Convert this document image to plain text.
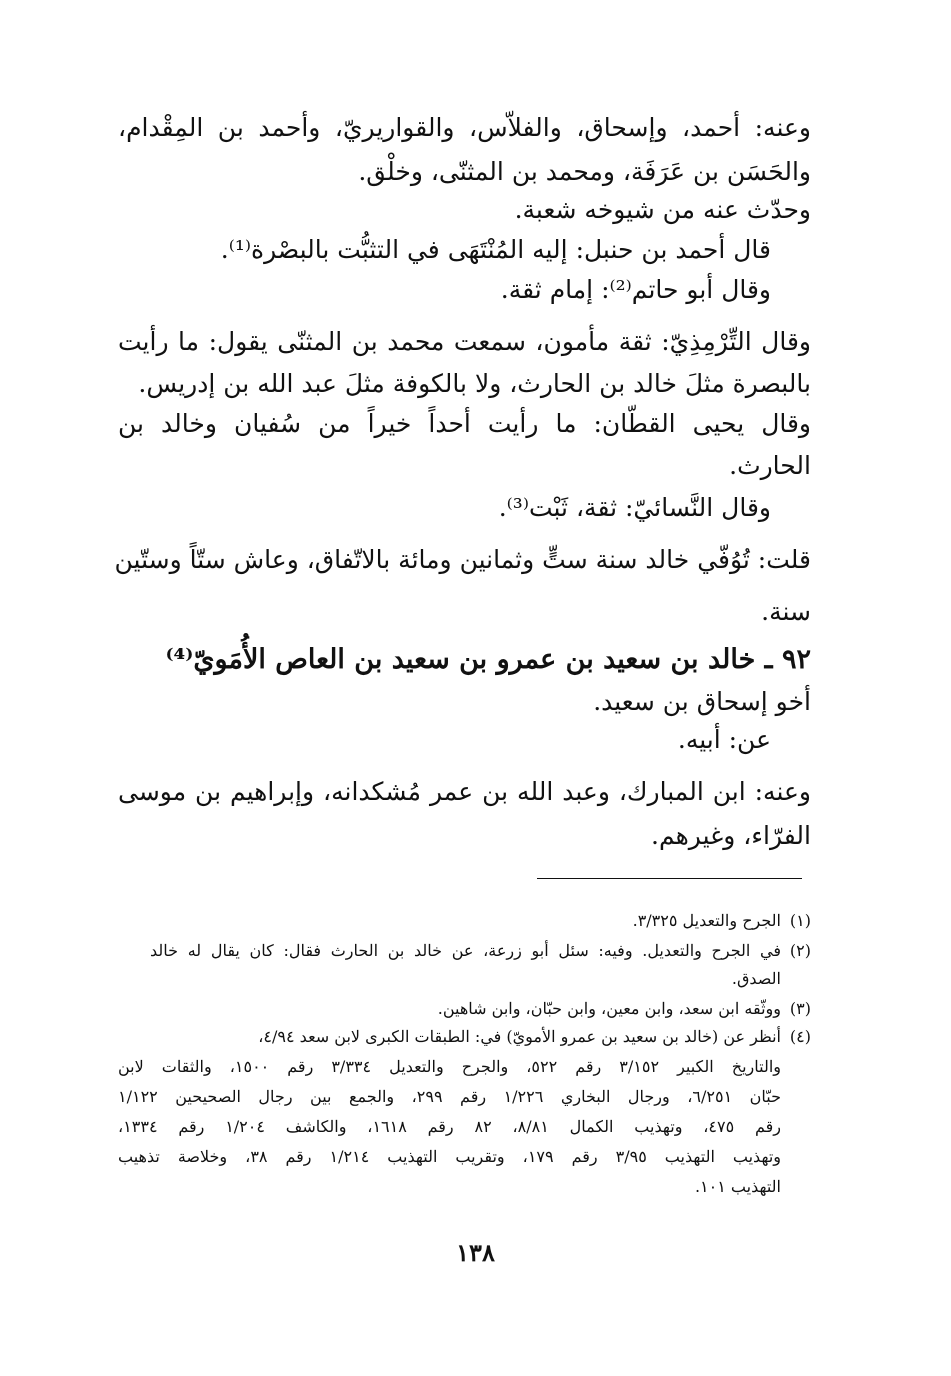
وعنه: أحمد، وإسحاق، والفلاّس، والقواريريّ، وأحمد بن المِقْدام،
والحَسَن بن عَرَفَة، ومحمد بن المثنّى، وخلْق.
وحدّث عنه من شيوخه شعبة.
قال أحمد بن حنبل: إليه المُنْتَهَى في التثبُّت بالبصْرة⁽¹⁾.
وقال أبو حاتم⁽²⁾: إمام ثقة.
وقال التِّرْمِذِيّ: ثقة مأمون، سمعت محمد بن المثنّى يقول: ما رأيت
بالبصرة مثلَ خالد بن الحارث، ولا بالكوفة مثلَ عبد الله بن إدريس.
وقال يحيى القطّان: ما رأيت أحداً خيراً من سُفيان وخالد بن
الحارث.
وقال النَّسائيّ: ثقة، ثَبْت⁽³⁾.
قلت: تُوُفّي خالد سنة ستٍّ وثمانين ومائة بالاتّفاق، وعاش ستّاً وستّين
سنة.
٩٢ ـ خالد بن سعيد بن عمرو بن سعيد بن العاص الأُمَويّ⁽⁴⁾
أخو إسحاق بن سعيد.
عن: أبيه.
وعنه: ابن المبارك، وعبد الله بن عمر مُشكدانه، وإبراهيم بن موسى
الفرّاء، وغيرهم.
(١)الجرح والتعديل ٣/٣٢٥.
(٢)في الجرح والتعديل. وفيه: سئل أبو زرعة، عن خالد بن الحارث فقال: كان يقال له خالد
الصدق.
(٣)ووثّقه ابن سعد، وابن معين، وابن حبّان، وابن شاهين.
(٤)أنظر عن (خالد بن سعيد بن عمرو الأمويّ) في: الطبقات الكبرى لابن سعد ٤/٩٤،
والتاريخ الكبير ٣/١٥٢ رقم ٥٢٢، والجرح والتعديل ٣/٣٣٤ رقم ١٥٠٠، والثقات لابن
حبّان ٦/٢٥١، ورجال البخاري ١/٢٢٦ رقم ٢٩٩، والجمع بين رجال الصحيحين ١/١٢٢
رقم ٤٧٥، وتهذيب الكمال ٨/٨١، ٨٢ رقم ١٦١٨، والكاشف ١/٢٠٤ رقم ١٣٣٤،
وتهذيب التهذيب ٣/٩٥ رقم ١٧٩، وتقريب التهذيب ١/٢١٤ رقم ٣٨، وخلاصة تذهيب
التهذيب ١٠١.
١٣٨
